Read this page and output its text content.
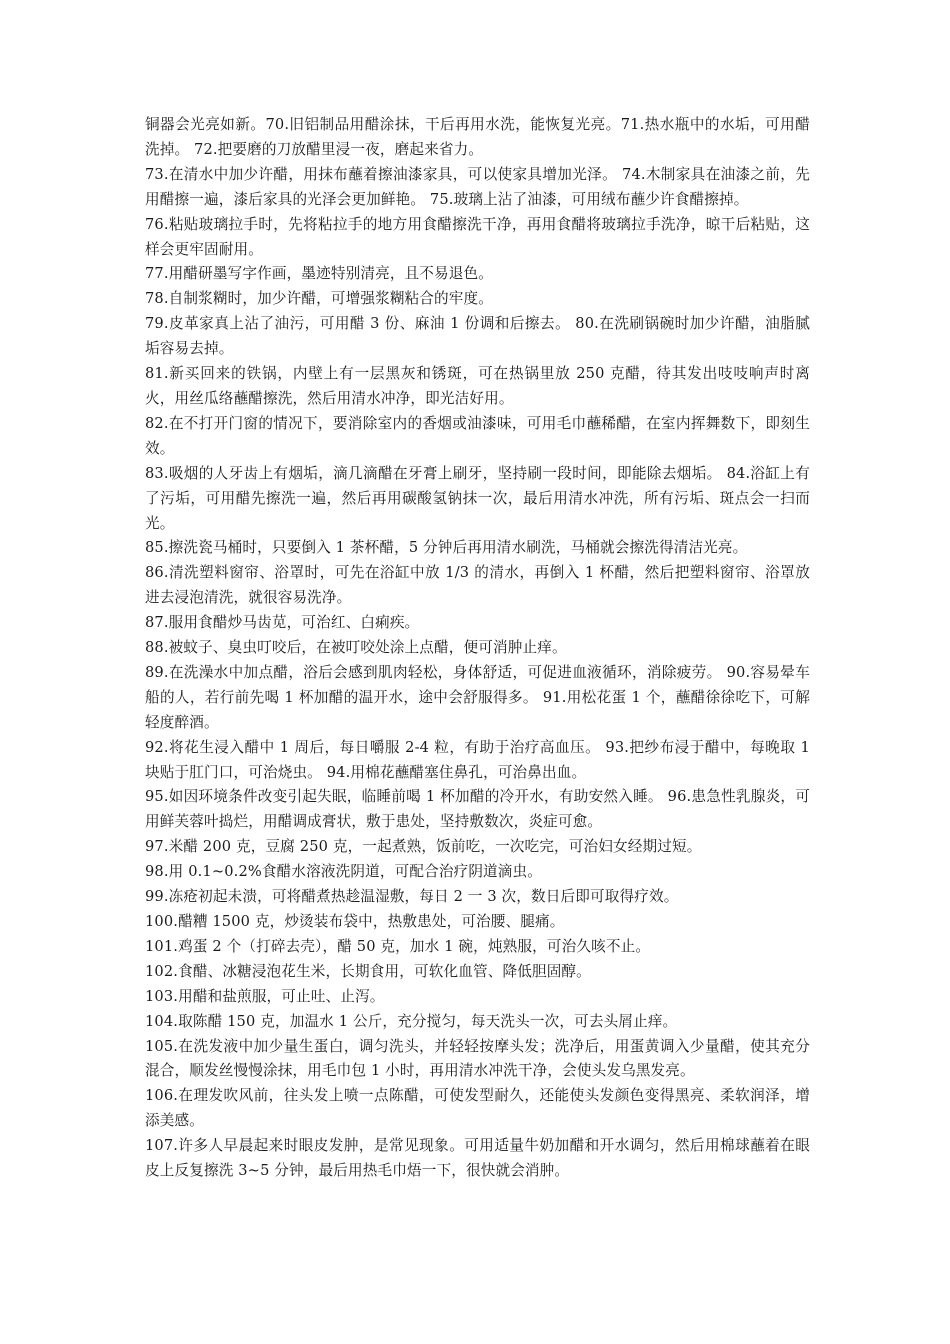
铜器会光亮如新。70.旧铝制品用醋涂抹，干后再用水洗，能恢复光亮。71.热水瓶中的水垢，可用醋洗掉。 72.把要磨的刀放醋里浸一夜，磨起来省力。

73.在清水中加少许醋，用抹布蘸着擦油漆家具，可以使家具增加光泽。 74.木制家具在油漆之前，先用醋擦一遍，漆后家具的光泽会更加鲜艳。 75.玻璃上沾了油漆，可用绒布蘸少许食醋擦掉。

76.粘贴玻璃拉手时，先将粘拉手的地方用食醋擦洗干净，再用食醋将玻璃拉手洗净，晾干后粘贴，这样会更牢固耐用。

77.用醋研墨写字作画，墨迹特别清亮，且不易退色。

78.自制浆糊时，加少许醋，可增强浆糊粘合的牢度。

79.皮革家真上沾了油污，可用醋 3 份、麻油 1 份调和后擦去。 80.在洗刷锅碗时加少许醋，油脂腻垢容易去掉。

81.新买回来的铁锅，内壁上有一层黑灰和锈斑，可在热锅里放 250 克醋，待其发出吱吱响声时离火，用丝瓜络蘸醋擦洗，然后用清水冲净，即光洁好用。

82.在不打开门窗的情况下，要消除室内的香烟或油漆味，可用毛巾蘸稀醋，在室内挥舞数下，即刻生效。

83.吸烟的人牙齿上有烟垢，滴几滴醋在牙膏上刷牙，坚持刷一段时间，即能除去烟垢。 84.浴缸上有了污垢，可用醋先擦洗一遍，然后再用碳酸氢钠抹一次，最后用清水冲洗，所有污垢、斑点会一扫而光。

85.擦洗瓷马桶时，只要倒入 1 茶杯醋，5 分钟后再用清水刷洗，马桶就会擦洗得清洁光亮。

86.清洗塑料窗帘、浴罩时，可先在浴缸中放 1/3 的清水，再倒入 1 杯醋，然后把塑料窗帘、浴罩放进去浸泡清洗，就很容易洗净。

87.服用食醋炒马齿苋，可治红、白痢疾。

88.被蚊子、臭虫叮咬后，在被叮咬处涂上点醋，便可消肿止痒。

89.在洗澡水中加点醋，浴后会感到肌肉轻松，身体舒适，可促进血液循环，消除疲劳。 90.容易晕车船的人，若行前先喝 1 杯加醋的温开水，途中会舒服得多。 91.用松花蛋 1 个，蘸醋徐徐吃下，可解轻度醉酒。

92.将花生浸入醋中 1 周后，每日嚼服 2-4 粒，有助于治疗高血压。 93.把纱布浸于醋中，每晚取 1 块贴于肛门口，可治烧虫。 94.用棉花蘸醋塞住鼻孔，可治鼻出血。

95.如因环境条件改变引起失眠，临睡前喝 1 杯加醋的冷开水，有助安然入睡。 96.患急性乳腺炎，可用鲜芙蓉叶捣烂，用醋调成膏状，敷于患处，坚持敷数次，炎症可愈。

97.米醋 200 克，豆腐 250 克，一起煮熟，饭前吃，一次吃完，可治妇女经期过短。

98.用 0.1~0.2%食醋水溶液洗阴道，可配合治疗阴道滴虫。

99.冻疮初起未溃，可将醋煮热趁温湿敷，每日 2 一 3 次，数日后即可取得疗效。

100.醋糟 1500 克，炒烫装布袋中，热敷患处，可治腰、腿痛。

101.鸡蛋 2 个（打碎去壳），醋 50 克，加水 1 碗，炖熟服，可治久咳不止。

102.食醋、冰糖浸泡花生米，长期食用，可软化血管、降低胆固醇。

103.用醋和盐煎服，可止吐、止泻。

104.取陈醋 150 克，加温水 1 公斤，充分搅匀，每天洗头一次，可去头屑止痒。

105.在洗发液中加少量生蛋白，调匀洗头，并轻轻按摩头发；洗净后，用蛋黄调入少量醋，使其充分混合，顺发丝慢慢涂抹，用毛巾包 1 小时，再用清水冲洗干净，会使头发乌黑发亮。

106.在理发吹风前，往头发上喷一点陈醋，可使发型耐久，还能使头发颜色变得黑亮、柔软润泽，增添美感。

107.许多人早晨起来时眼皮发肿，是常见现象。可用适量牛奶加醋和开水调匀，然后用棉球蘸着在眼皮上反复擦洗 3~5 分钟，最后用热毛巾焐一下，很快就会消肿。
